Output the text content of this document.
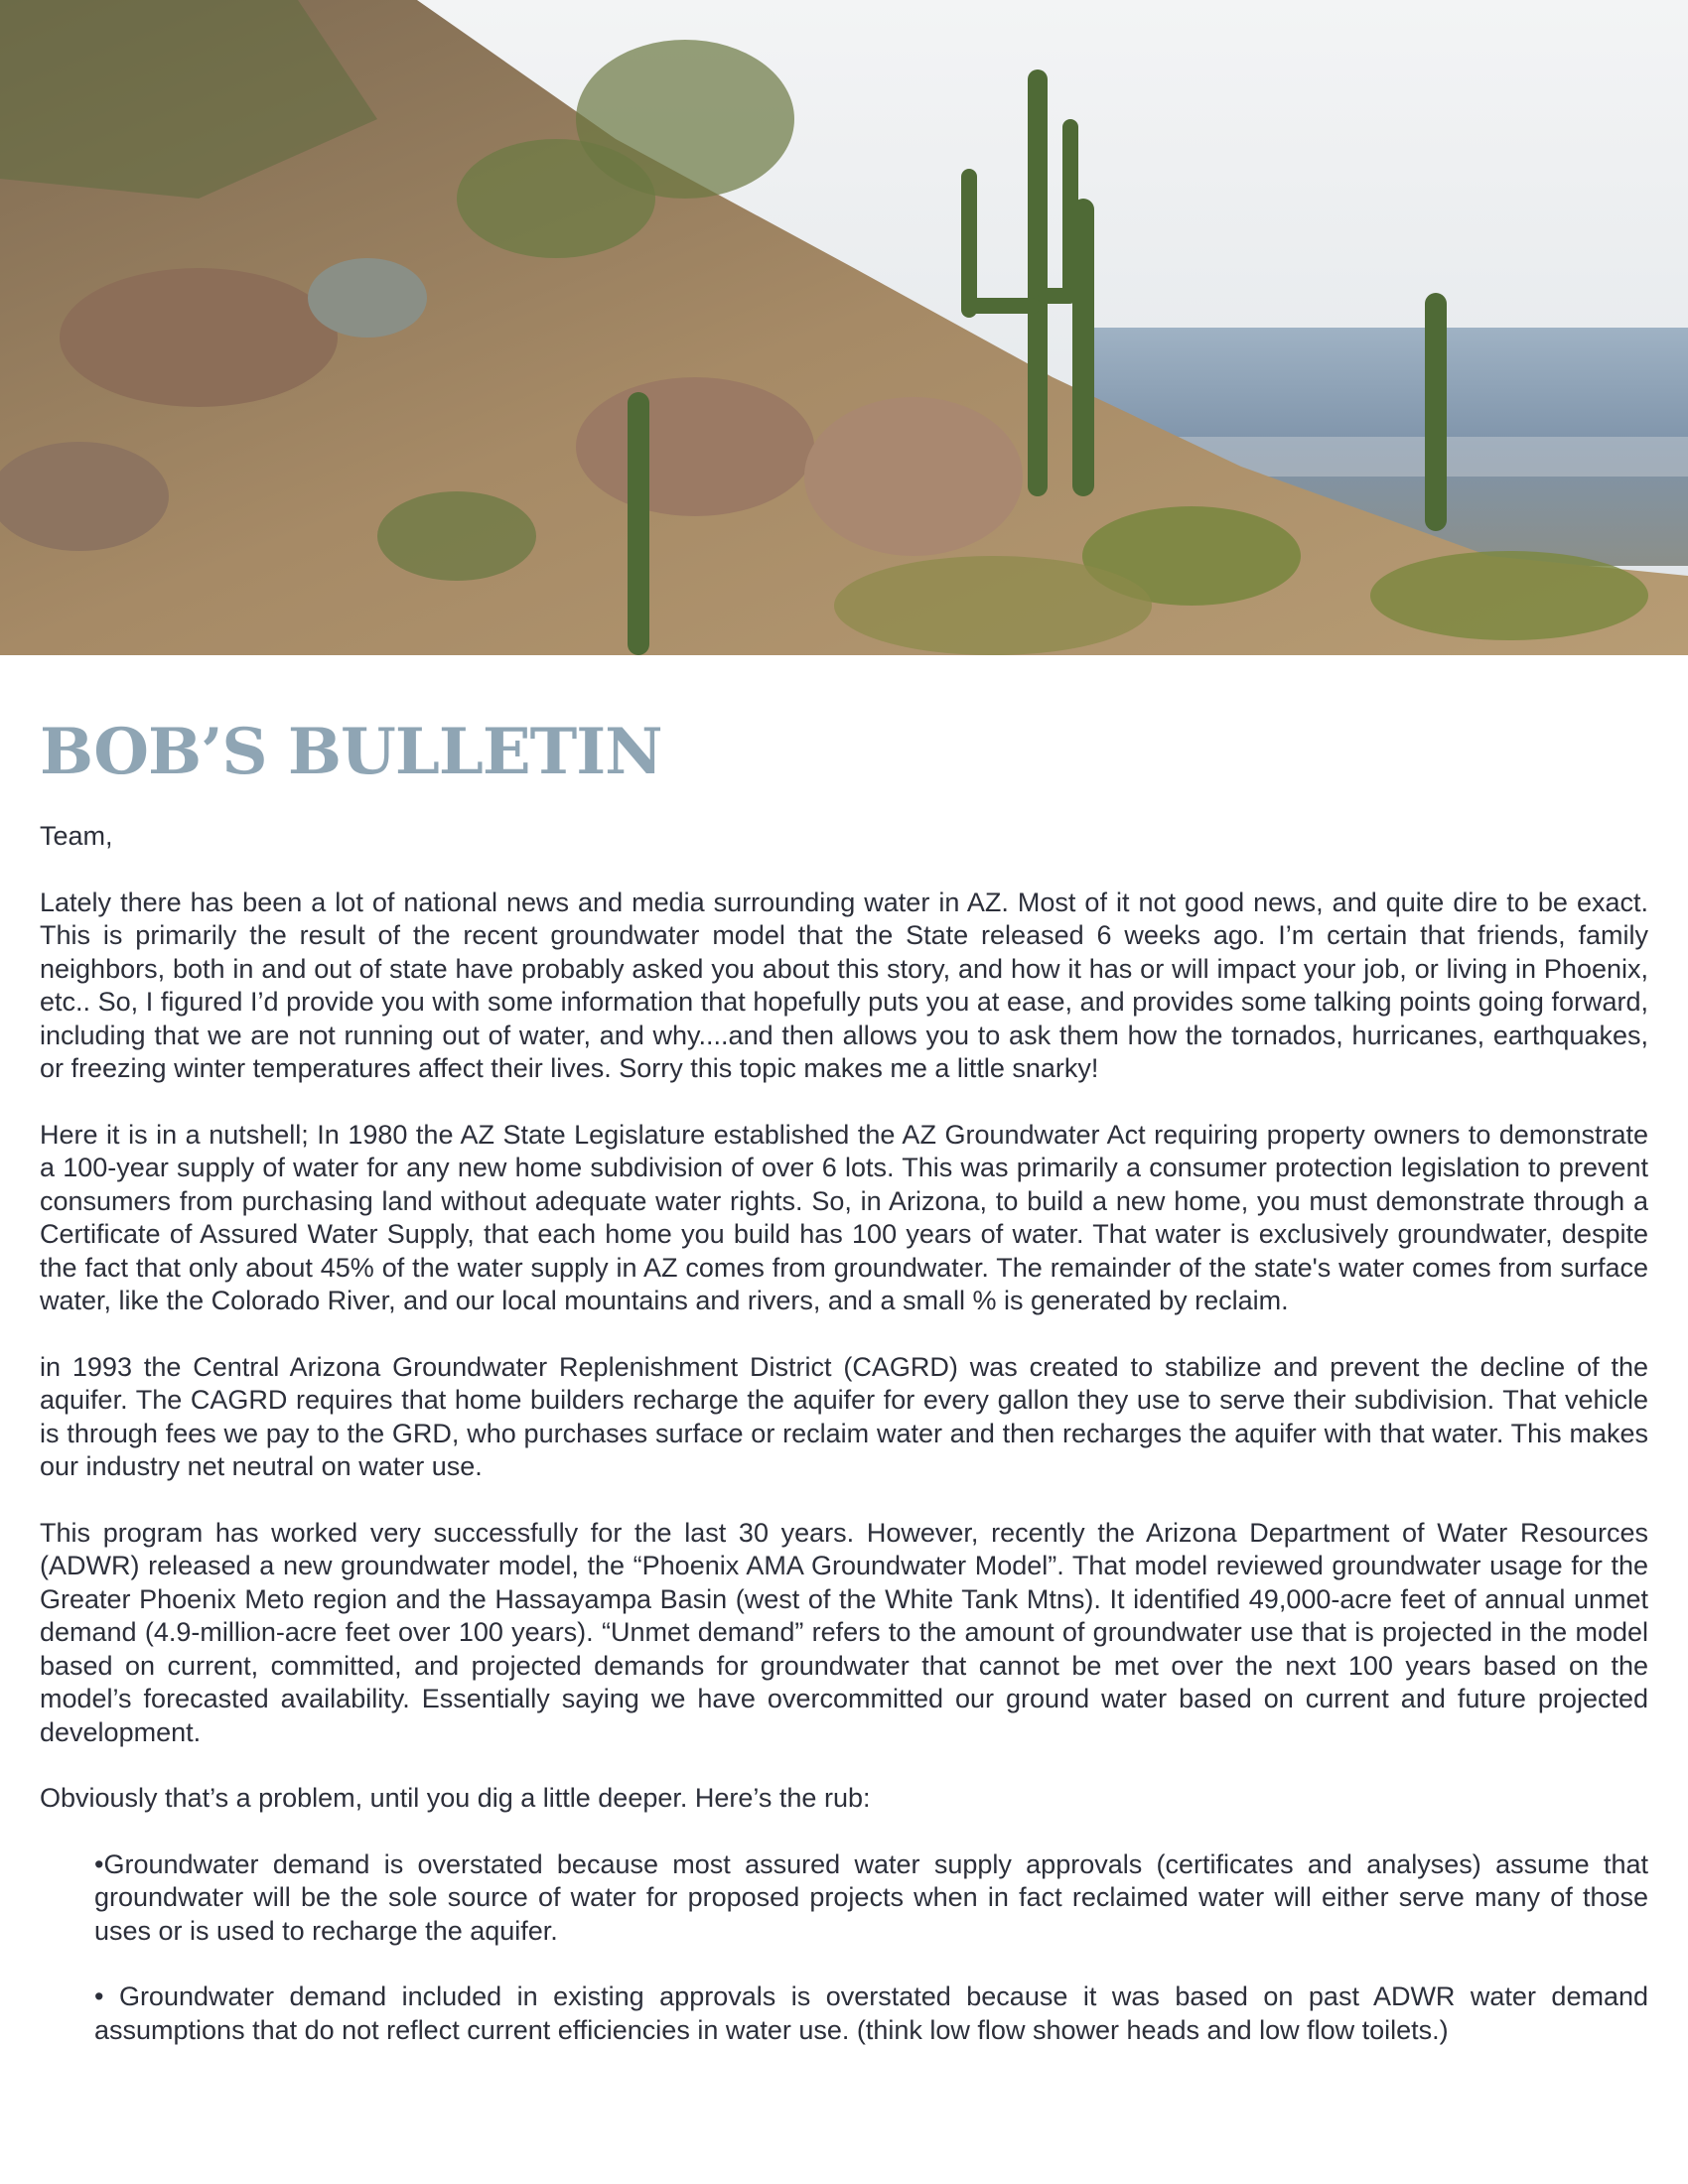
BOB’S BULLETIN

Team,

Lately there has been a lot of national news and media surrounding water in AZ. Most of it not good news, and quite dire to be exact. This is primarily the result of the recent groundwater model that the State released 6 weeks ago. I’m certain that friends, family neighbors, both in and out of state have probably asked you about this story, and how it has or will impact your job, or living in Phoenix, etc.. So, I figured I’d provide you with some information that hopefully puts you at ease, and provides some talking points going forward, including that we are not running out of water, and why....and then allows you to ask them how the tornados, hurricanes, earthquakes, or freezing winter temperatures affect their lives. Sorry this topic makes me a little snarky!

Here it is in a nutshell; In 1980 the AZ State Legislature established the AZ Groundwater Act requiring property owners to demonstrate a 100-year supply of water for any new home subdivision of over 6 lots. This was primarily a consumer protection legislation to prevent consumers from purchasing land without adequate water rights. So, in Arizona, to build a new home, you must demonstrate through a Certificate of Assured Water Supply, that each home you build has 100 years of water. That water is exclusively groundwater, despite the fact that only about 45% of the water supply in AZ comes from groundwater. The remainder of the state's water comes from surface water, like the Colorado River, and our local mountains and rivers, and a small % is generated by reclaim.

in 1993 the Central Arizona Groundwater Replenishment District (CAGRD) was created to stabilize and prevent the decline of the aquifer. The CAGRD requires that home builders recharge the aquifer for every gallon they use to serve their subdivision. That vehicle is through fees we pay to the GRD, who purchases surface or reclaim water and then recharges the aquifer with that water. This makes our industry net neutral on water use.

This program has worked very successfully for the last 30 years. However, recently the Arizona Department of Water Resources (ADWR) released a new groundwater model, the “Phoenix AMA Groundwater Model”. That model reviewed groundwater usage for the Greater Phoenix Meto region and the Hassayampa Basin (west of the White Tank Mtns). It identified 49,000-acre feet of annual unmet demand (4.9-million-acre feet over 100 years). “Unmet demand” refers to the amount of groundwater use that is projected in the model based on current, committed, and projected demands for groundwater that cannot be met over the next 100 years based on the model’s forecasted availability. Essentially saying we have overcommitted our ground water based on current and future projected development.

Obviously that’s a problem, until you dig a little deeper. Here’s the rub:

•Groundwater demand is overstated because most assured water supply approvals (certificates and analyses) assume that groundwater will be the sole source of water for proposed projects when in fact reclaimed water will either serve many of those uses or is used to recharge the aquifer.
• Groundwater demand included in existing approvals is overstated because it was based on past ADWR water demand assumptions that do not reflect current efficiencies in water use. (think low flow shower heads and low flow toilets.)
